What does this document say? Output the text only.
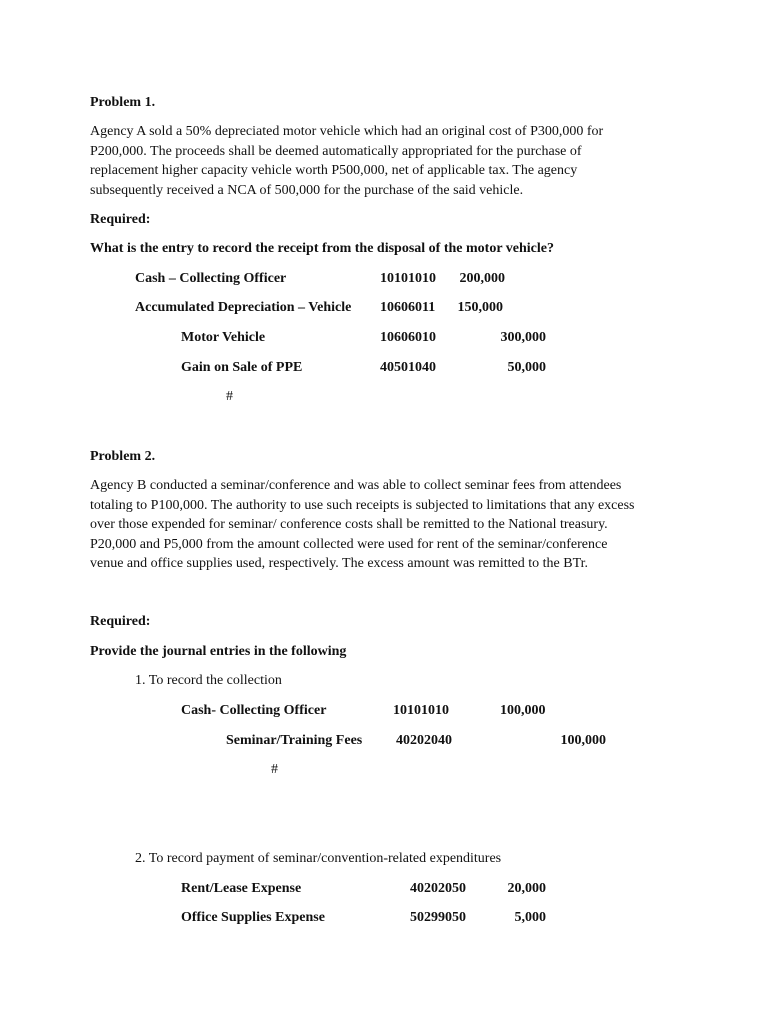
Problem 1.

Agency A sold a 50% depreciated motor vehicle which had an original cost of P300,000 for
P200,000. The proceeds shall be deemed automatically appropriated for the purchase of
replacement higher capacity vehicle worth P500,000, net of applicable tax. The agency
subsequently received a NCA of 500,000 for the purchase of the said vehicle.

Required:

What is the entry to record the receipt from the disposal of the motor vehicle?

Cash – Collecting Officer	10101010	200,000
Accumulated Depreciation – Vehicle 10606011	150,000
Motor Vehicle	10606010	300,000
Gain on Sale of PPE	40501040	50,000

#

Problem 2.

Agency B conducted a seminar/conference and was able to collect seminar fees from attendees
totaling to P100,000. The authority to use such receipts is subjected to limitations that any excess
over those expended for seminar/ conference costs shall be remitted to the National treasury.
P20,000 and P5,000 from the amount collected were used for rent of the seminar/conference
venue and office supplies used, respectively. The excess amount was remitted to the BTr.

Required:

Provide the journal entries in the following

1. To record the collection

Cash- Collecting Officer	10101010	100,000
Seminar/Training Fees 40202040	100,000

#

2. To record payment of seminar/convention-related expenditures

Rent/Lease Expense	40202050	20,000
Office Supplies Expense	50299050	5,000
